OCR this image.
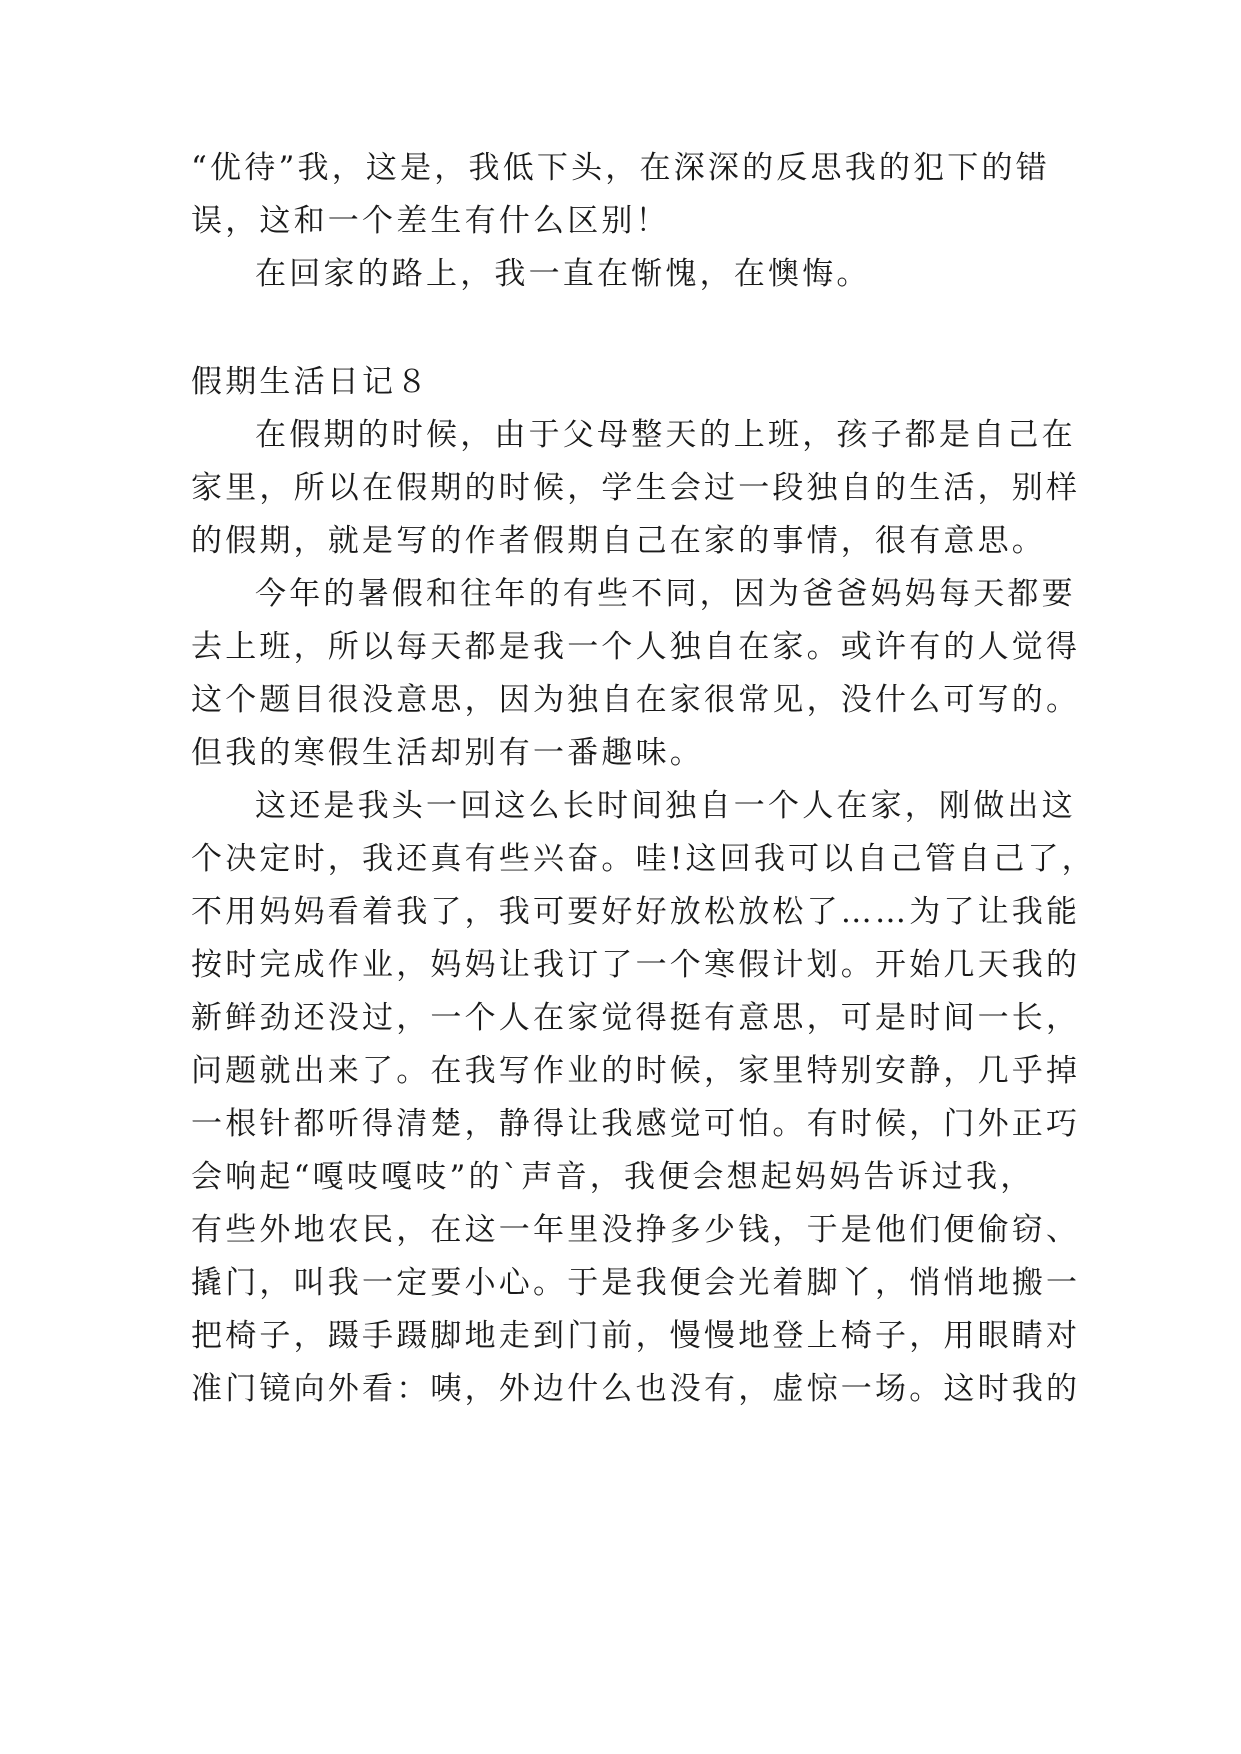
“优待”我，这是，我低下头，在深深的反思我的犯下的错
误，这和一个差生有什么区别！
在回家的路上，我一直在惭愧，在懊悔。
假期生活日记８
在假期的时候，由于父母整天的上班，孩子都是自己在
家里，所以在假期的时候，学生会过一段独自的生活，别样
的假期，就是写的作者假期自己在家的事情，很有意思。
今年的暑假和往年的有些不同，因为爸爸妈妈每天都要
去上班，所以每天都是我一个人独自在家。或许有的人觉得
这个题目很没意思，因为独自在家很常见，没什么可写的。
但我的寒假生活却别有一番趣味。
这还是我头一回这么长时间独自一个人在家，刚做出这
个决定时，我还真有些兴奋。哇!这回我可以自己管自己了，
不用妈妈看着我了，我可要好好放松放松了……为了让我能
按时完成作业，妈妈让我订了一个寒假计划。开始几天我的
新鲜劲还没过，一个人在家觉得挺有意思，可是时间一长，
问题就出来了。在我写作业的时候，家里特别安静，几乎掉
一根针都听得清楚，静得让我感觉可怕。有时候，门外正巧
会响起“嘎吱嘎吱”的`声音，我便会想起妈妈告诉过我，
有些外地农民，在这一年里没挣多少钱，于是他们便偷窃、
撬门，叫我一定要小心。于是我便会光着脚丫，悄悄地搬一
把椅子，蹑手蹑脚地走到门前，慢慢地登上椅子，用眼睛对
准门镜向外看：咦，外边什么也没有，虚惊一场。这时我的
